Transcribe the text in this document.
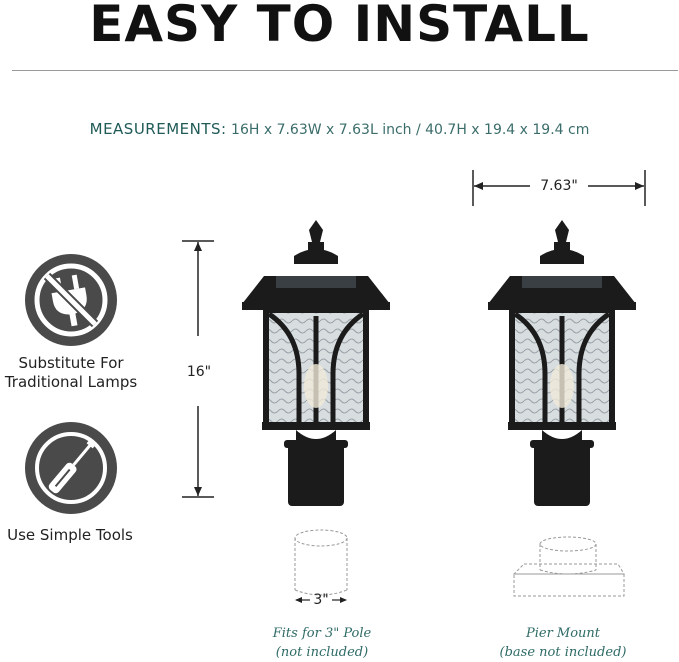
EASY TO INSTALL
MEASUREMENTS: 16H x 7.63W x 7.63L inch / 40.7H x 19.4 x 19.4 cm
Substitute For
Traditional Lamps
Use Simple Tools
16"
7.63"
3"
Fits for 3" Pole
(not included)
Pier Mount
(base not included)
